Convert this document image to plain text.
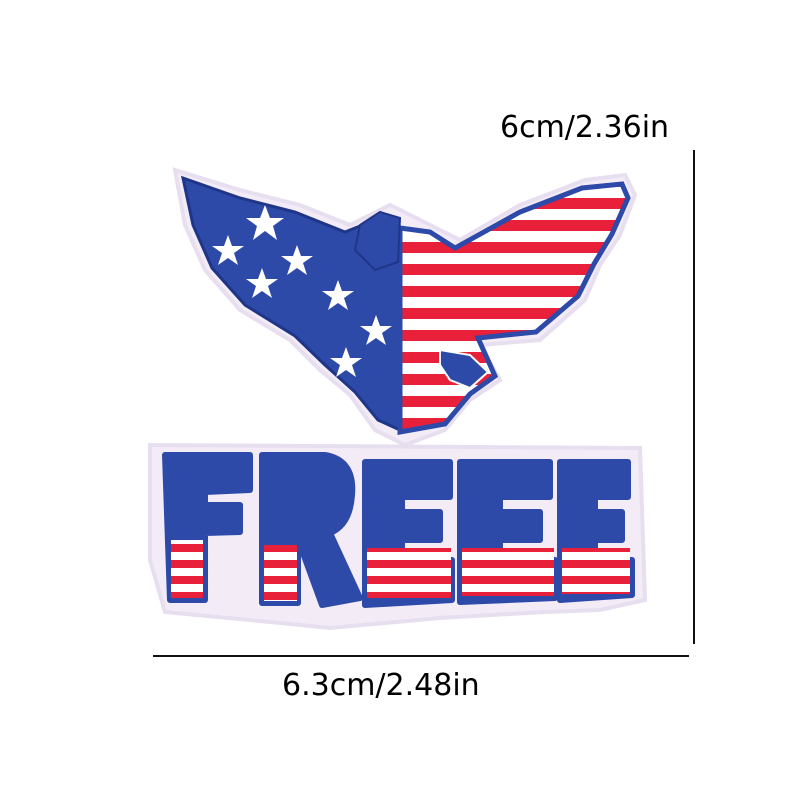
6cm/2.36in
6.3cm/2.48in
